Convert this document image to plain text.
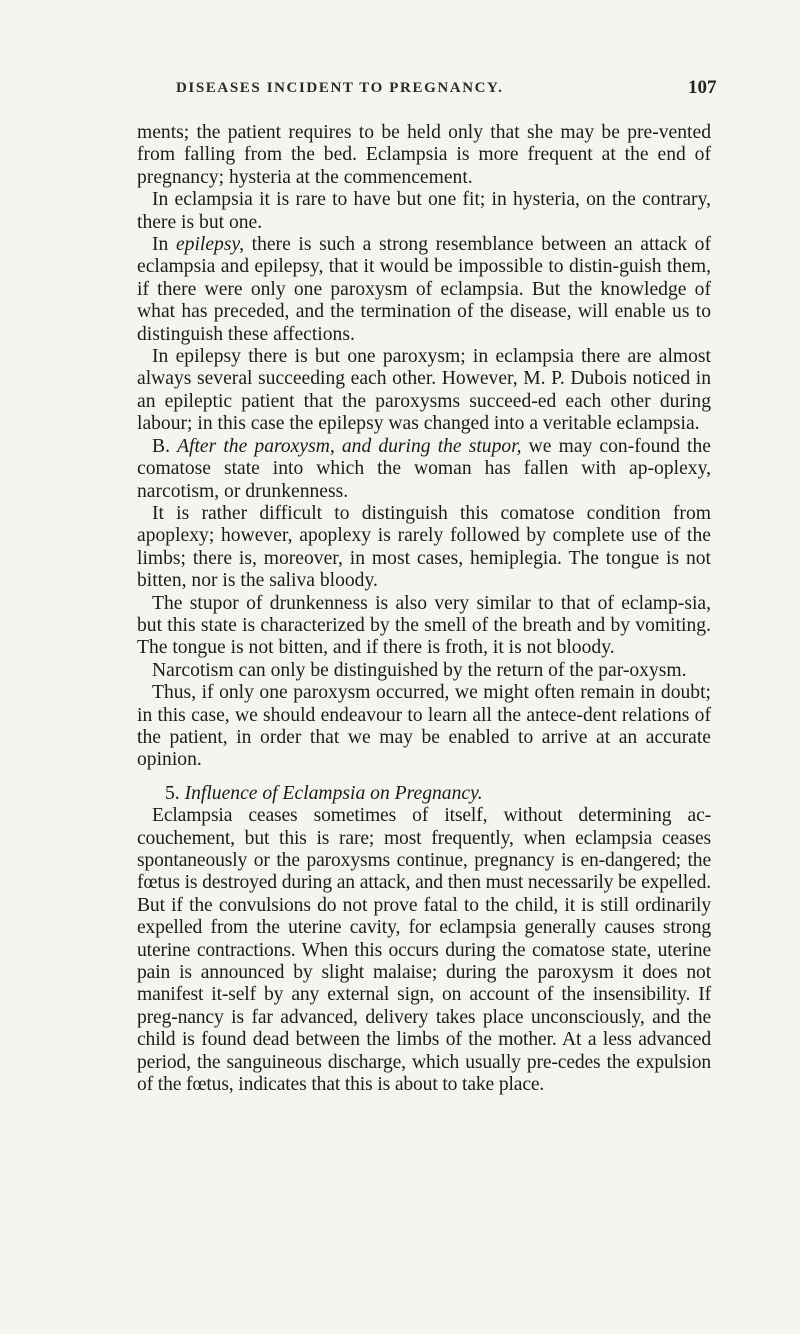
DISEASES INCIDENT TO PREGNANCY.	107

ments; the patient requires to be held only that she may be pre-vented from falling from the bed. Eclampsia is more frequent at the end of pregnancy; hysteria at the commencement.

In eclampsia it is rare to have but one fit; in hysteria, on the contrary, there is but one.

In epilepsy, there is such a strong resemblance between an attack of eclampsia and epilepsy, that it would be impossible to distin-guish them, if there were only one paroxysm of eclampsia. But the knowledge of what has preceded, and the termination of the disease, will enable us to distinguish these affections.

In epilepsy there is but one paroxysm; in eclampsia there are almost always several succeeding each other. However, M. P. Dubois noticed in an epileptic patient that the paroxysms succeed-ed each other during labour; in this case the epilepsy was changed into a veritable eclampsia.

B. After the paroxysm, and during the stupor, we may con-found the comatose state into which the woman has fallen with ap-oplexy, narcotism, or drunkenness.

It is rather difficult to distinguish this comatose condition from apoplexy; however, apoplexy is rarely followed by complete use of the limbs; there is, moreover, in most cases, hemiplegia. The tongue is not bitten, nor is the saliva bloody.

The stupor of drunkenness is also very similar to that of eclamp-sia, but this state is characterized by the smell of the breath and by vomiting. The tongue is not bitten, and if there is froth, it is not bloody.

Narcotism can only be distinguished by the return of the par-oxysm.

Thus, if only one paroxysm occurred, we might often remain in doubt; in this case, we should endeavour to learn all the antece-dent relations of the patient, in order that we may be enabled to arrive at an accurate opinion.

5. Influence of Eclampsia on Pregnancy.

Eclampsia ceases sometimes of itself, without determining ac-couchement, but this is rare; most frequently, when eclampsia ceases spontaneously or the paroxysms continue, pregnancy is en-dangered; the fœtus is destroyed during an attack, and then must necessarily be expelled. But if the convulsions do not prove fatal to the child, it is still ordinarily expelled from the uterine cavity, for eclampsia generally causes strong uterine contractions. When this occurs during the comatose state, uterine pain is announced by slight malaise; during the paroxysm it does not manifest it-self by any external sign, on account of the insensibility. If preg-nancy is far advanced, delivery takes place unconsciously, and the child is found dead between the limbs of the mother. At a less advanced period, the sanguineous discharge, which usually pre-cedes the expulsion of the fœtus, indicates that this is about to take place.
